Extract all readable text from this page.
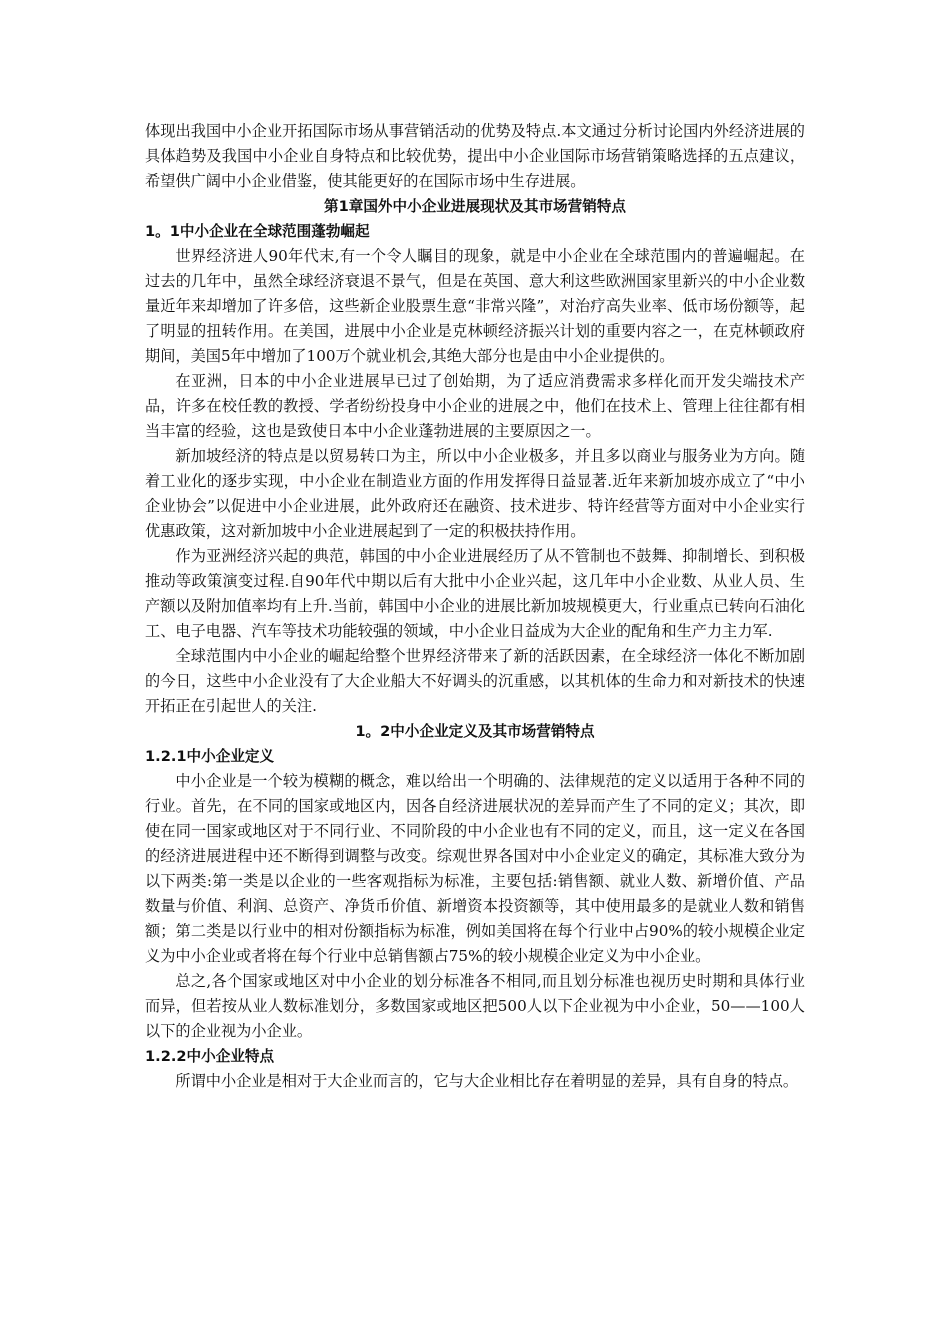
体现出我国中小企业开拓国际市场从事营销活动的优势及特点.本文通过分析讨论国内外经济进展的具体趋势及我国中小企业自身特点和比较优势，提出中小企业国际市场营销策略选择的五点建议，希望供广阔中小企业借鉴，使其能更好的在国际市场中生存进展。

第1章国外中小企业进展现状及其市场营销特点

1。1中小企业在全球范围蓬勃崛起

世界经济进人90年代末,有一个令人瞩目的现象，就是中小企业在全球范围内的普遍崛起。在过去的几年中，虽然全球经济衰退不景气，但是在英国、意大利这些欧洲国家里新兴的中小企业数量近年来却增加了许多倍，这些新企业股票生意“非常兴隆”，对治疗高失业率、低市场份额等，起了明显的扭转作用。在美国，进展中小企业是克林顿经济振兴计划的重要内容之一，在克林顿政府期间，美国5年中增加了100万个就业机会,其绝大部分也是由中小企业提供的。

在亚洲，日本的中小企业进展早已过了创始期，为了适应消费需求多样化而开发尖端技术产品，许多在校任教的教授、学者纷纷投身中小企业的进展之中，他们在技术上、管理上往往都有相当丰富的经验，这也是致使日本中小企业蓬勃进展的主要原因之一。

新加坡经济的特点是以贸易转口为主，所以中小企业极多，并且多以商业与服务业为方向。随着工业化的逐步实现，中小企业在制造业方面的作用发挥得日益显著.近年来新加坡亦成立了“中小企业协会”以促进中小企业进展，此外政府还在融资、技术进步、特许经营等方面对中小企业实行优惠政策，这对新加坡中小企业进展起到了一定的积极扶持作用。

作为亚洲经济兴起的典范，韩国的中小企业进展经历了从不管制也不鼓舞、抑制增长、到积极推动等政策演变过程.自90年代中期以后有大批中小企业兴起，这几年中小企业数、从业人员、生产额以及附加值率均有上升.当前，韩国中小企业的进展比新加坡规模更大，行业重点已转向石油化工、电子电器、汽车等技术功能较强的领域，中小企业日益成为大企业的配角和生产力主力军.

全球范围内中小企业的崛起给整个世界经济带来了新的活跃因素，在全球经济一体化不断加剧的今日，这些中小企业没有了大企业船大不好调头的沉重感，以其机体的生命力和对新技术的快速开拓正在引起世人的关注.

1。2中小企业定义及其市场营销特点

1.2.1中小企业定义

中小企业是一个较为模糊的概念，难以给出一个明确的、法律规范的定义以适用于各种不同的行业。首先，在不同的国家或地区内，因各自经济进展状况的差异而产生了不同的定义；其次，即使在同一国家或地区对于不同行业、不同阶段的中小企业也有不同的定义，而且，这一定义在各国的经济进展进程中还不断得到调整与改变。综观世界各国对中小企业定义的确定，其标准大致分为以下两类:第一类是以企业的一些客观指标为标准，主要包括:销售额、就业人数、新增价值、产品数量与价值、利润、总资产、净货币价值、新增资本投资额等，其中使用最多的是就业人数和销售额；第二类是以行业中的相对份额指标为标准，例如美国将在每个行业中占90%的较小规模企业定义为中小企业或者将在每个行业中总销售额占75%的较小规模企业定义为中小企业。

总之,各个国家或地区对中小企业的划分标准各不相同,而且划分标准也视历史时期和具体行业而异，但若按从业人数标准划分，多数国家或地区把500人以下企业视为中小企业，50——100人以下的企业视为小企业。

1.2.2中小企业特点

所谓中小企业是相对于大企业而言的，它与大企业相比存在着明显的差异，具有自身的特点。
